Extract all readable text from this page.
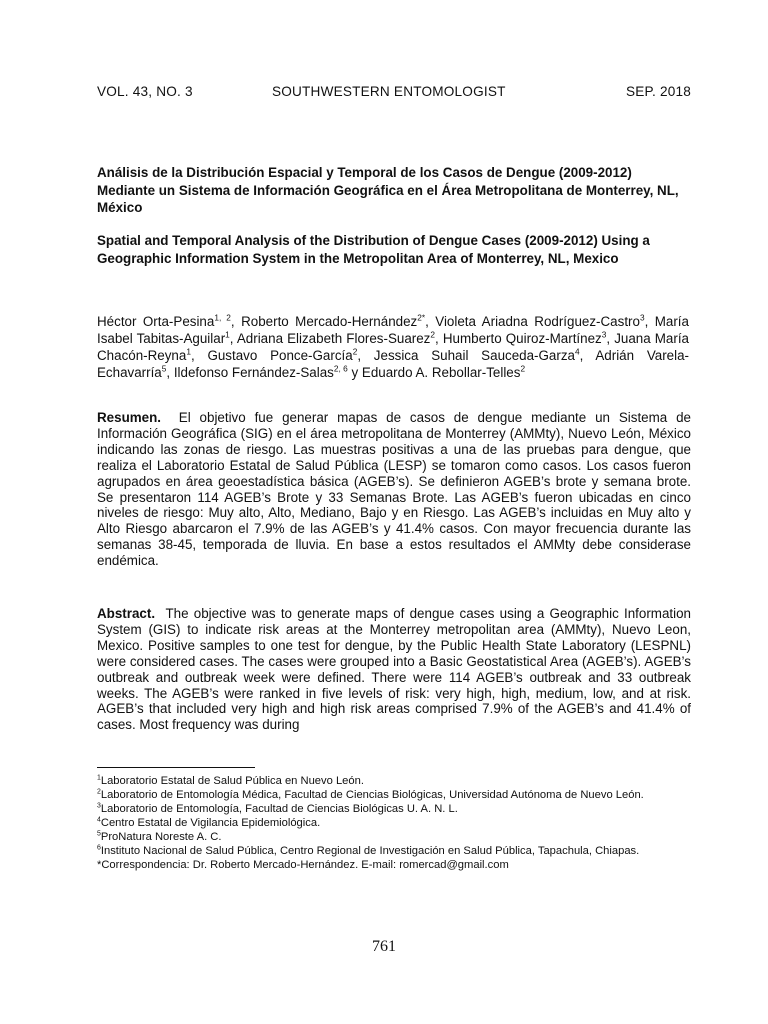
VOL. 43, NO. 3	SOUTHWESTERN ENTOMOLOGIST	SEP. 2018
Análisis de la Distribución Espacial y Temporal de los Casos de Dengue (2009-2012) Mediante un Sistema de Información Geográfica en el Área Metropolitana de Monterrey, NL, México
Spatial and Temporal Analysis of the Distribution of Dengue Cases (2009-2012) Using a Geographic Information System in the Metropolitan Area of Monterrey, NL, Mexico

Héctor Orta-Pesina$^{1, 2}$, Roberto Mercado-Hernández$^{2*}$, Violeta Ariadna Rodríguez-Castro$^3$, María Isabel Tabitas-Aguilar$^1$, Adriana Elizabeth Flores-Suarez$^2$, Humberto Quiroz-Martínez$^3$, Juana María Chacón-Reyna$^1$, Gustavo Ponce-García$^2$, Jessica Suhail Sauceda-Garza$^4$, Adrián Varela-Echavarría$^5$, Ildefonso Fernández-Salas$^{2, 6}$ y Eduardo A. Rebollar-Telles$^2$

Resumen. El objetivo fue generar mapas de casos de dengue mediante un Sistema de Información Geográfica (SIG) en el área metropolitana de Monterrey (AMMty), Nuevo León, México indicando las zonas de riesgo. Las muestras positivas a una de las pruebas para dengue, que realiza el Laboratorio Estatal de Salud Pública (LESP) se tomaron como casos. Los casos fueron agrupados en área geoestadística básica (AGEB’s). Se definieron AGEB’s brote y semana brote. Se presentaron 114 AGEB’s Brote y 33 Semanas Brote. Las AGEB’s fueron ubicadas en cinco niveles de riesgo: Muy alto, Alto, Mediano, Bajo y en Riesgo. Las AGEB’s incluidas en Muy alto y Alto Riesgo abarcaron el 7.9% de las AGEB’s y 41.4% casos. Con mayor frecuencia durante las semanas 38-45, temporada de lluvia. En base a estos resultados el AMMty debe considerase endémica.

Abstract. The objective was to generate maps of dengue cases using a Geographic Information System (GIS) to indicate risk areas at the Monterrey metropolitan area (AMMty), Nuevo Leon, Mexico. Positive samples to one test for dengue, by the Public Health State Laboratory (LESPNL) were considered cases. The cases were grouped into a Basic Geostatistical Area (AGEB’s). AGEB’s outbreak and outbreak week were defined. There were 114 AGEB’s outbreak and 33 outbreak weeks. The AGEB’s were ranked in five levels of risk: very high, high, medium, low, and at risk. AGEB’s that included very high and high risk areas comprised 7.9% of the AGEB’s and 41.4% of cases. Most frequency was during

$^1$Laboratorio Estatal de Salud Pública en Nuevo León.
$^2$Laboratorio de Entomología Médica, Facultad de Ciencias Biológicas, Universidad Autónoma de Nuevo León.
$^3$Laboratorio de Entomología, Facultad de Ciencias Biológicas U. A. N. L.
$^4$Centro Estatal de Vigilancia Epidemiológica.
$^5$ProNatura Noreste A. C.
$^6$Instituto Nacional de Salud Pública, Centro Regional de Investigación en Salud Pública, Tapachula, Chiapas.
*Correspondencia: Dr. Roberto Mercado-Hernández. E-mail: romercad@gmail.com
761
